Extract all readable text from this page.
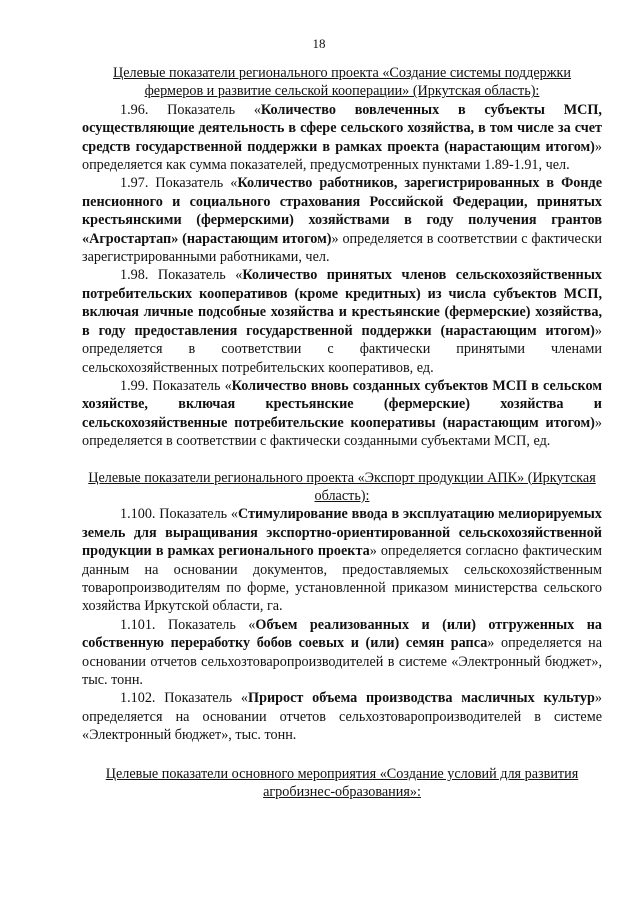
18

Целевые показатели регионального проекта «Создание системы поддержки фермеров и развитие сельской кооперации» (Иркутская область):

1.96. Показатель «Количество вовлеченных в субъекты МСП, осуществляющие деятельность в сфере сельского хозяйства, в том числе за счет средств государственной поддержки в рамках проекта (нарастающим итогом)» определяется как сумма показателей, предусмотренных пунктами 1.89-1.91, чел.

1.97. Показатель «Количество работников, зарегистрированных в Фонде пенсионного и социального страхования Российской Федерации, принятых крестьянскими (фермерскими) хозяйствами в году получения грантов «Агростартап» (нарастающим итогом)» определяется в соответствии с фактически зарегистрированными работниками, чел.

1.98. Показатель «Количество принятых членов сельскохозяйственных потребительских кооперативов (кроме кредитных) из числа субъектов МСП, включая личные подсобные хозяйства и крестьянские (фермерские) хозяйства, в году предоставления государственной поддержки (нарастающим итогом)» определяется в соответствии с фактически принятыми членами сельскохозяйственных потребительских кооперативов, ед.

1.99. Показатель «Количество вновь созданных субъектов МСП в сельском хозяйстве, включая крестьянские (фермерские) хозяйства и сельскохозяйственные потребительские кооперативы (нарастающим итогом)» определяется в соответствии с фактически созданными субъектами МСП, ед.

Целевые показатели регионального проекта «Экспорт продукции АПК» (Иркутская область):

1.100. Показатель «Стимулирование ввода в эксплуатацию мелиорируемых земель для выращивания экспортно-ориентированной сельскохозяйственной продукции в рамках регионального проекта» определяется согласно фактическим данным на основании документов, предоставляемых сельскохозяйственным товаропроизводителям по форме, установленной приказом министерства сельского хозяйства Иркутской области, га.

1.101. Показатель «Объем реализованных и (или) отгруженных на собственную переработку бобов соевых и (или) семян рапса» определяется на основании отчетов сельхозтоваропроизводителей в системе «Электронный бюджет», тыс. тонн.

1.102. Показатель «Прирост объема производства масличных культур» определяется на основании отчетов сельхозтоваропроизводителей в системе «Электронный бюджет», тыс. тонн.

Целевые показатели основного мероприятия «Создание условий для развития агробизнес-образования»:
